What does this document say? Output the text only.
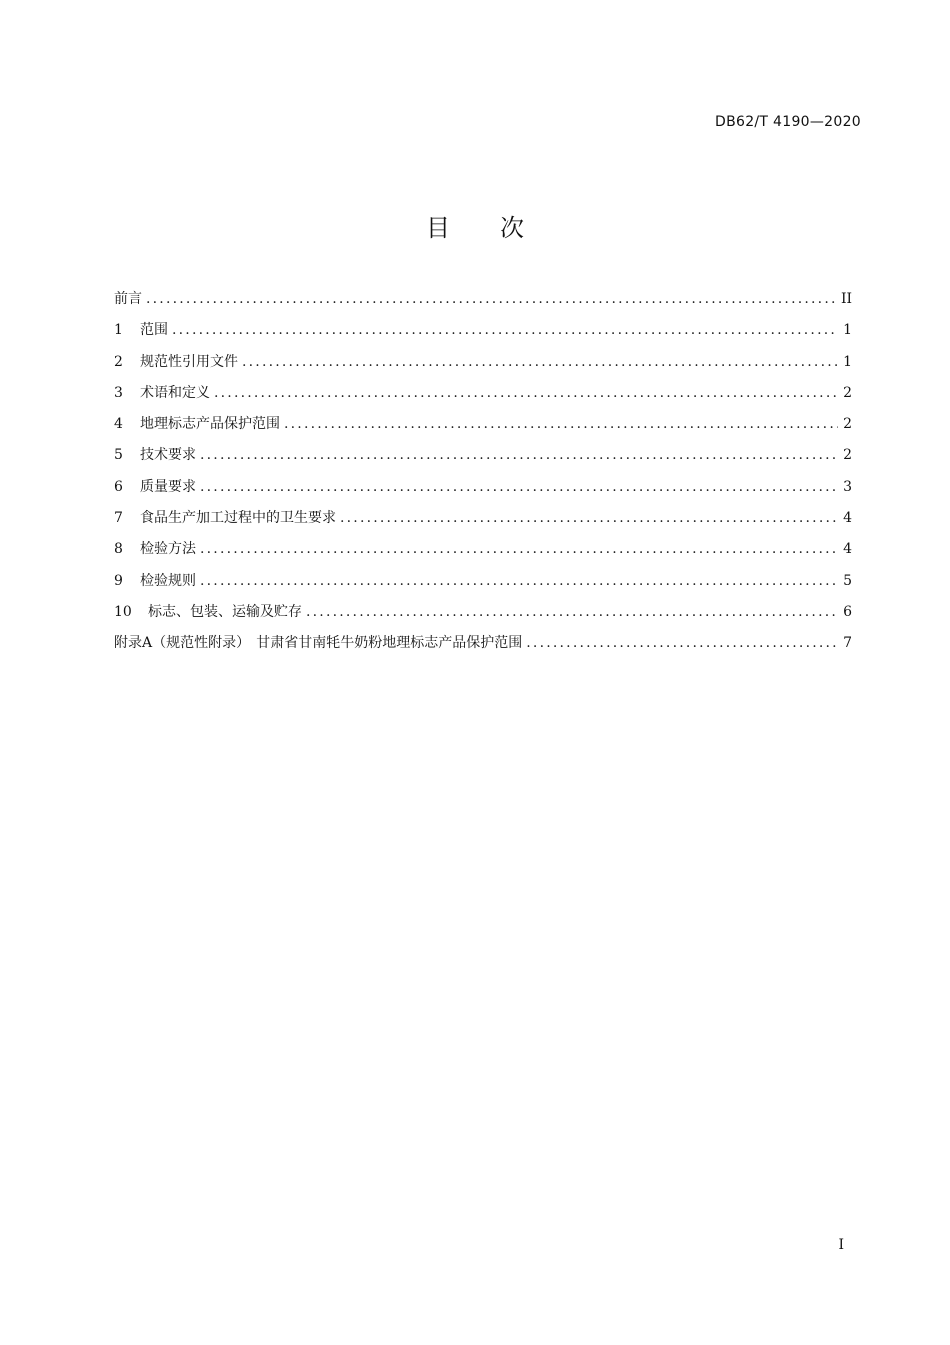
DB62/T 4190—2020
目次
前言 .....	II
1	范围 .....	1
2	规范性引用文件 .....	1
3	术语和定义 .....	2
4	地理标志产品保护范围 .....	2
5	技术要求 .....	2
6	质量要求 .....	3
7	食品生产加工过程中的卫生要求 .....	4
8	检验方法 .....	4
9	检验规则 .....	5
10	标志、包装、运输及贮存 .....	6
附录A（规范性附录） 甘肃省甘南牦牛奶粉地理标志产品保护范围 .....	7
I
